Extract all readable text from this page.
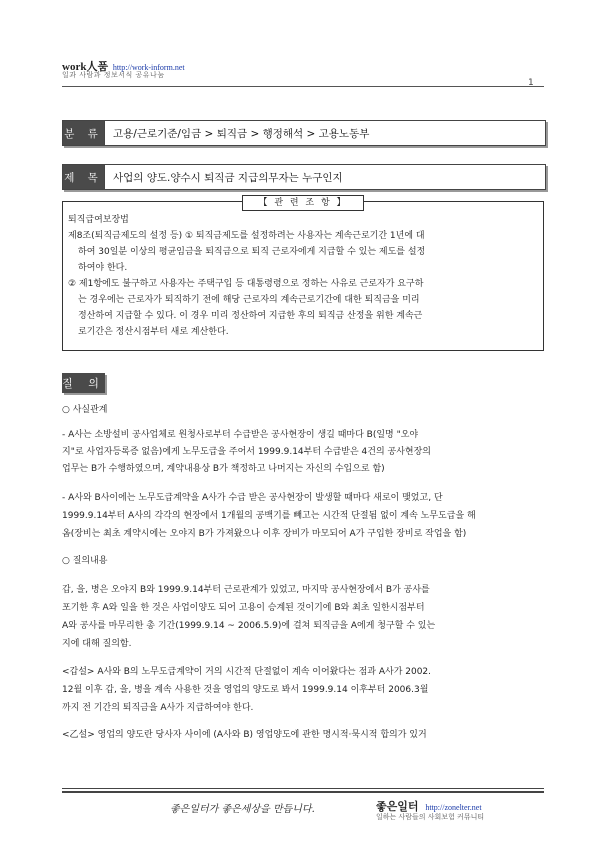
work人품 http://work-inform.net
일과 사람과 정보서식 공유나눔
1
분 류 고용/근로기준/임금 > 퇴직금 > 행정해석 > 고용노동부
제 목 사업의 양도.양수시 퇴직금 지급의무자는 누구인지
【 관 련 조 항 】
퇴직급여보장법
제8조(퇴직금제도의 설정 등) ① 퇴직금제도를 설정하려는 사용자는 계속근로기간 1년에 대
하여 30일분 이상의 평균임금을 퇴직금으로 퇴직 근로자에게 지급할 수 있는 제도를 설정
하여야 한다.
② 제1항에도 불구하고 사용자는 주택구입 등 대통령령으로 정하는 사유로 근로자가 요구하
는 경우에는 근로자가 퇴직하기 전에 해당 근로자의 계속근로기간에 대한 퇴직금을 미리
정산하여 지급할 수 있다. 이 경우 미리 정산하여 지급한 후의 퇴직금 산정을 위한 계속근
로기간은 정산시점부터 새로 계산한다.
질 의
○ 사실관계
- A사는 소방설비 공사업체로 원청사로부터 수급받은 공사현장이 생길 때마다 B(일명 "오야
지"로 사업자등록증 없음)에게 노무도급을 주어서 1999.9.14부터 수급받은 4건의 공사현장의
업무는 B가 수행하였으며, 계약내용상 B가 책정하고 나머지는 자신의 수입으로 함)
- A사와 B사이에는 노무도급계약을 A사가 수급 받은 공사현장이 발생할 때마다 새로이 맺었고, 단
1999.9.14부터 A사의 각각의 현장에서 1개월의 공백기를 빼고는 시간적 단절됨 없이 계속 노무도급을 해
옴(장비는 최초 계약시에는 오야지 B가 가져왔으나 이후 장비가 마모되어 A가 구입한 장비로 작업을 함)
○ 질의내용
갑, 을, 병은 오야지 B와 1999.9.14부터 근로관계가 있었고, 마지막 공사현장에서 B가 공사를
포기한 후 A와 일을 한 것은 사업이양도 되어 고용이 승계된 것이기에 B와 최초 일한시점부터
A와 공사를 마무리한 총 기간(1999.9.14 ~ 2006.5.9)에 걸쳐 퇴직금을 A에게 청구할 수 있는
지에 대해 질의함.
<갑설> A사와 B의 노무도급계약이 거의 시간적 단절없이 계속 이어왔다는 점과 A사가 2002.
12월 이후 갑, 을, 병을 계속 사용한 것을 영업의 양도로 봐서 1999.9.14 이후부터 2006.3월
까지 전 기간의 퇴직금을 A사가 지급하여야 한다.
<乙설> 영업의 양도란 당사자 사이에 (A사와 B) 영업양도에 관한 명시적·묵시적 합의가 있거
좋은일터가 좋은세상을 만듭니다.	좋은일터 http://zonelter.net
일하는 사람들의 사회보험 커뮤니티
